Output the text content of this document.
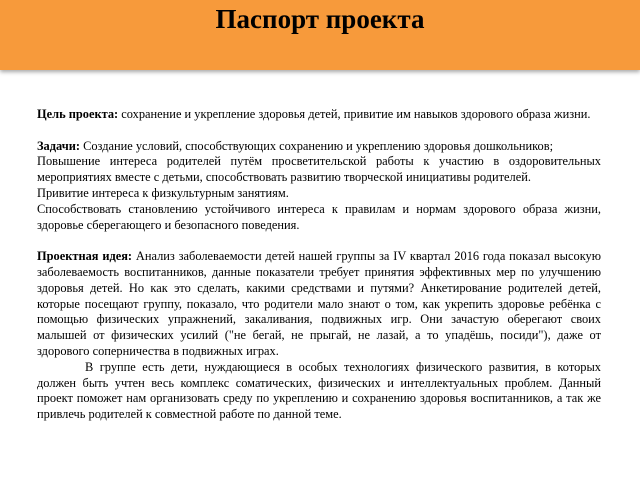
Паспорт проекта

Цель проекта: сохранение и укрепление здоровья детей, привитие им навыков здорового образа жизни.

Задачи: Создание условий, способствующих сохранению и укреплению здоровья дошкольников;

Повышение интереса родителей путём просветительской работы к участию в оздоровительных мероприятиях вместе с детьми, способствовать развитию творческой инициативы родителей.

Привитие интереса к физкультурным занятиям.

Способствовать становлению устойчивого интереса к правилам и нормам здорового образа жизни, здоровье сберегающего и безопасного поведения.

Проектная идея: Анализ заболеваемости детей нашей группы за IV квартал 2016 года показал высокую заболеваемость воспитанников, данные показатели требует принятия эффективных мер по улучшению здоровья детей. Но как это сделать, какими средствами и путями? Анкетирование родителей детей, которые посещают группу, показало, что родители мало знают о том, как укрепить здоровье ребёнка с помощью физических упражнений, закаливания, подвижных игр. Они зачастую оберегают своих малышей от физических усилий ("не бегай, не прыгай, не лазай, а то упадёшь, посиди"), даже от здорового соперничества в подвижных играх.

В группе есть дети, нуждающиеся в особых технологиях физического развития, в которых должен быть учтен весь комплекс соматических, физических и интеллектуальных проблем. Данный проект поможет нам организовать среду по укреплению и сохранению здоровья воспитанников, а так же привлечь родителей к совместной работе по данной теме.
